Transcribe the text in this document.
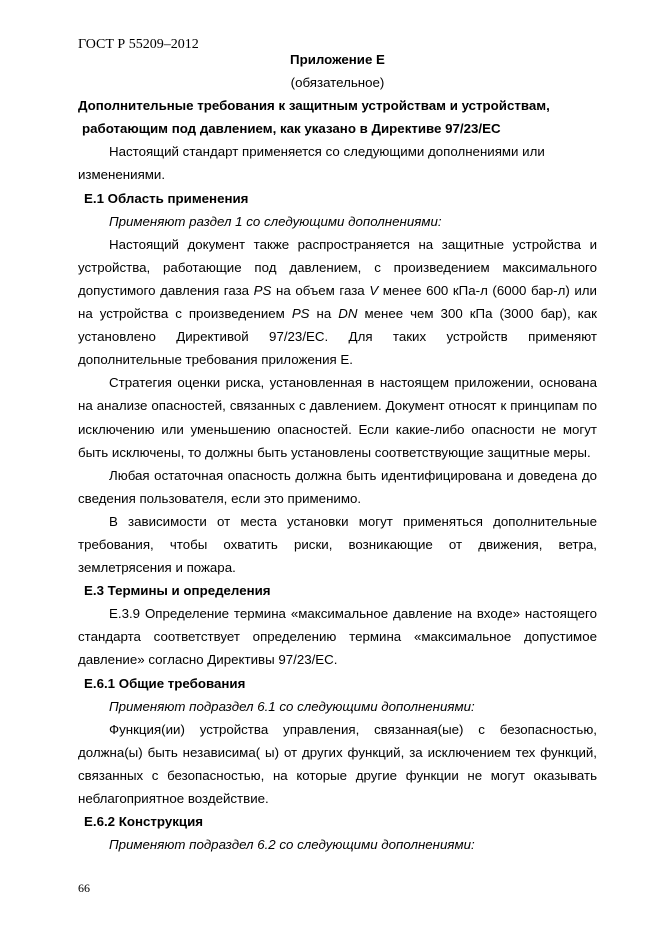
ГОСТ Р 55209–2012

Приложение E

(обязательное)

Дополнительные требования к защитным устройствам и устройствам,

работающим под давлением, как указано в Директиве 97/23/EC

Настоящий стандарт применяется со следующими дополнениями или изменениями.

E.1 Область применения

Применяют раздел 1 со следующими дополнениями:

Настоящий документ также распространяется на защитные устройства и устройства, работающие под давлением, с произведением максимального допустимого давления газа PS на объем газа V менее 600 кПа-л (6000 бар-л) или на устройства с произведением PS на DN менее чем 300 кПа (3000 бар), как установлено Директивой 97/23/EC. Для таких устройств применяют дополнительные требования приложения E.

Стратегия оценки риска, установленная в настоящем приложении, основана на анализе опасностей, связанных с давлением. Документ относят к принципам по исключению или уменьшению опасностей. Если какие-либо опасности не могут быть исключены, то должны быть установлены соответствующие защитные меры.

Любая остаточная опасность должна быть идентифицирована и доведена до сведения пользователя, если это применимо.

В зависимости от места установки могут применяться дополнительные требования, чтобы охватить риски, возникающие от движения, ветра, землетрясения и пожара.

E.3 Термины и определения

E.3.9 Определение термина «максимальное давление на входе» настоящего стандарта соответствует определению термина «максимальное допустимое давление» согласно Директивы 97/23/EC.

E.6.1 Общие требования

Применяют подраздел 6.1 со следующими дополнениями:

Функция(ии) устройства управления, связанная(ые) с безопасностью, должна(ы) быть независима( ы) от других функций, за исключением тех функций, связанных с безопасностью, на которые другие функции не могут оказывать неблагоприятное воздействие.

E.6.2 Конструкция

Применяют подраздел 6.2 со следующими дополнениями:

66
